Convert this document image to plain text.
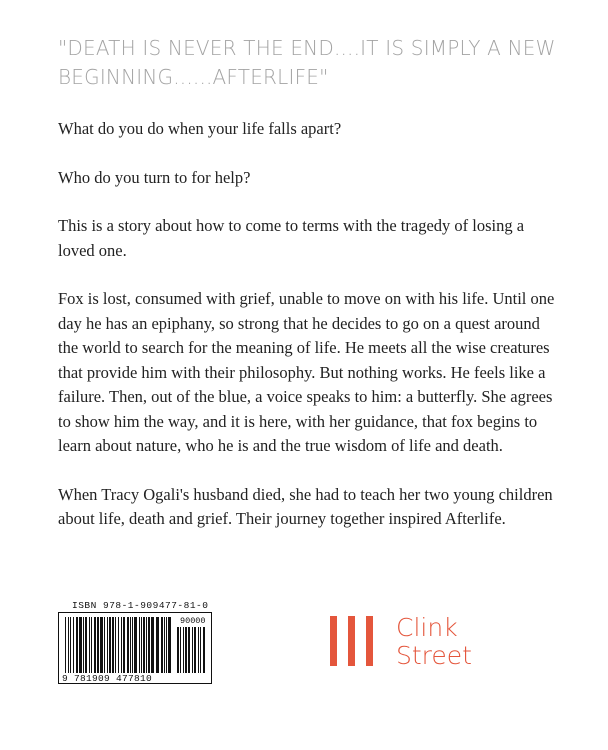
"DEATH IS NEVER THE END....IT IS SIMPLY A NEW
BEGINNING......AFTERLIFE"

What do you do when your life falls apart?

Who do you turn to for help?

This is a story about how to come to terms with the tragedy of losing a loved one.

Fox is lost, consumed with grief, unable to move on with his life. Until one day he has an epiphany, so strong that he decides to go on a quest around the world to search for the meaning of life. He meets all the wise creatures that provide him with their philosophy. But nothing works. He feels like a failure. Then, out of the blue, a voice speaks to him: a butterfly. She agrees to show him the way, and it is here, with her guidance, that fox begins to learn about nature, who he is and the true wisdom of life and death.

When Tracy Ogali's husband died, she had to teach her two young children about life, death and grief. Their journey together inspired Afterlife.

ISBN 978-1-909477-81-0
90000
9 781909 477810
Clink
Street
